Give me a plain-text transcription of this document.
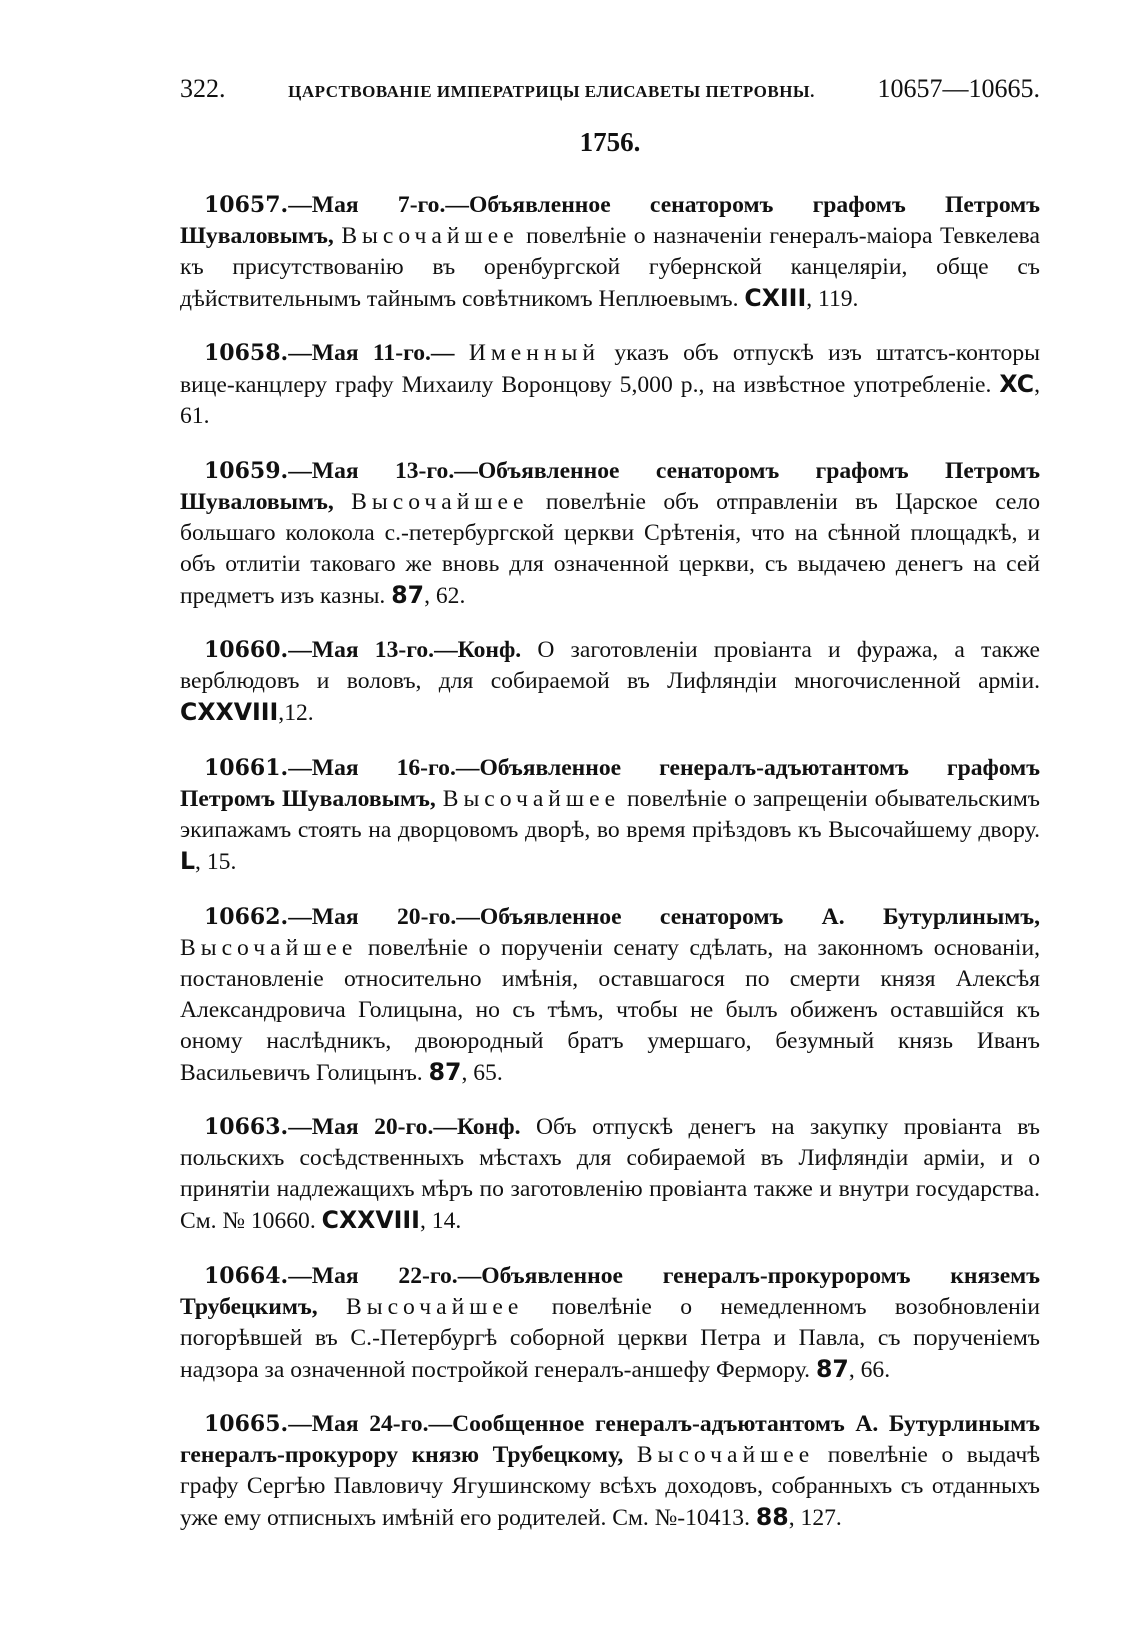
322.	ЦАРСТВОВАНІЕ ИМПЕРАТРИЦЫ ЕЛИСАВЕТЫ ПЕТРОВНЫ. 10657—10665.
1756.

10657.—Мая 7-го.—Объявленное сенаторомъ графомъ Петромъ Шуваловымъ, Высочайшее повелѣніе о назначеніи генералъ-маіора Тевкелева къ присутствованію въ оренбургской губернской канцеляріи, обще съ дѣйствительнымъ тайнымъ совѣтникомъ Неплюевымъ. CXIII, 119.

10658.—Мая 11-го.— Именный указъ объ отпускѣ изъ штатсъ-конторы вице-канцлеру графу Михаилу Воронцову 5,000 р., на извѣстное употребленіе. XC, 61.

10659.—Мая 13-го.—Объявленное сенаторомъ графомъ Петромъ Шуваловымъ, Высочайшее повелѣніе объ отправленіи въ Царское село большаго колокола с.-петербургской церкви Срѣтенія, что на сѣнной площадкѣ, и объ отлитіи таковаго же вновь для означенной церкви, съ выдачею денегъ на сей предметъ изъ казны. 87, 62.

10660.—Мая 13-го.—Конф. О заготовленіи провіанта и фуража, а также верблюдовъ и воловъ, для собираемой въ Лифляндіи многочисленной арміи. CXXVIII,12.

10661.—Мая 16-го.—Объявленное генералъ-адъютантомъ графомъ Петромъ Шуваловымъ, Высочайшее повелѣніе о запрещеніи обывательскимъ экипажамъ стоять на дворцовомъ дворѣ, во время пріѣздовъ къ Высочайшему двору. L, 15.

10662.—Мая 20-го.—Объявленное сенаторомъ А. Бутурлинымъ, Высочайшее повелѣніе о порученіи сенату сдѣлать, на законномъ основаніи, постановленіе относительно имѣнія, оставшагося по смерти князя Алексѣя Александровича Голицына, но съ тѣмъ, чтобы не былъ обиженъ оставшійся къ оному наслѣдникъ, двоюродный братъ умершаго, безумный князь Иванъ Васильевичъ Голицынъ. 87, 65.

10663.—Мая 20-го.—Конф. Объ отпускѣ денегъ на закупку провіанта въ польскихъ сосѣдственныхъ мѣстахъ для собираемой въ Лифляндіи арміи, и о принятіи надлежащихъ мѣръ по заготовленію провіанта также и внутри государства. См. № 10660. CXXVIII, 14.

10664.—Мая 22-го.—Объявленное генералъ-прокуроромъ княземъ Трубецкимъ, Высочайшее повелѣніе о немедленномъ возобновленіи погорѣвшей въ С.-Петербургѣ соборной церкви Петра и Павла, съ порученіемъ надзора за означенной постройкой генералъ-аншефу Фермору. 87, 66.

10665.—Мая 24-го.—Сообщенное генералъ-адъютантомъ А. Бутурлинымъ генералъ-прокурору князю Трубецкому, Высочайшее повелѣніе о выдачѣ графу Сергѣю Павловичу Ягушинскому всѣхъ доходовъ, собранныхъ съ отданныхъ уже ему отписныхъ имѣній его родителей. См. №-10413. 88, 127.
